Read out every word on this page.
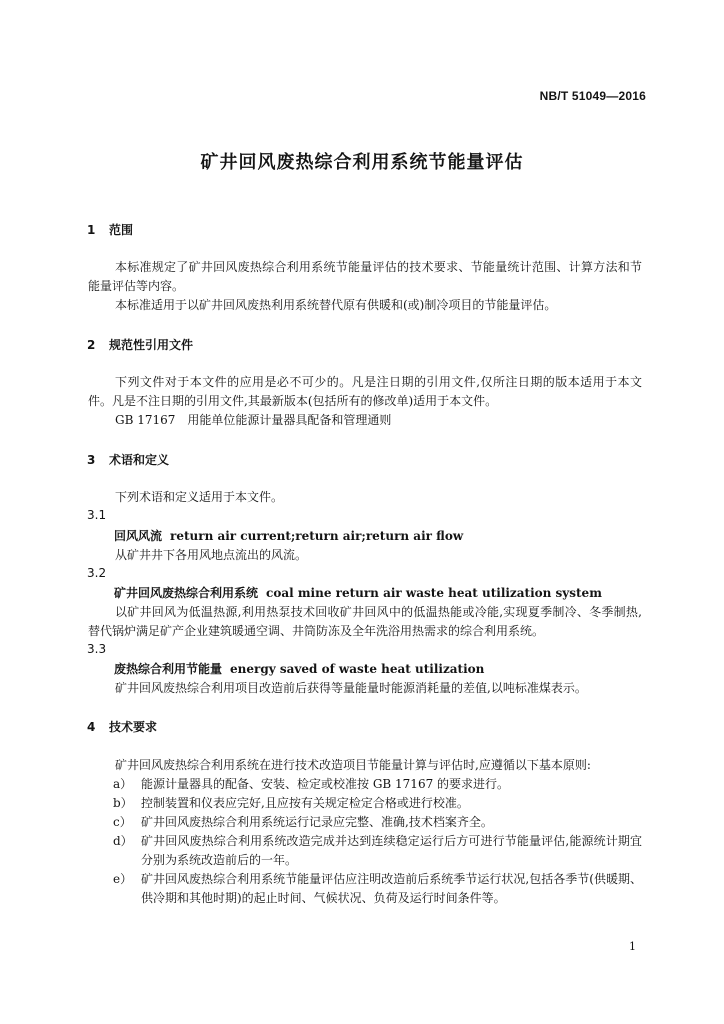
NB/T 51049—2016
矿井回风废热综合利用系统节能量评估
1 范围
本标准规定了矿井回风废热综合利用系统节能量评估的技术要求、节能量统计范围、计算方法和节能量评估等内容。
本标准适用于以矿井回风废热利用系统替代原有供暖和(或)制冷项目的节能量评估。
2 规范性引用文件
下列文件对于本文件的应用是必不可少的。凡是注日期的引用文件,仅所注日期的版本适用于本文件。凡是不注日期的引用文件,其最新版本(包括所有的修改单)适用于本文件。
GB 17167　用能单位能源计量器具配备和管理通则
3 术语和定义
下列术语和定义适用于本文件。
3.1
回风风流 return air current;return air;return air flow
从矿井井下各用风地点流出的风流。
3.2
矿井回风废热综合利用系统 coal mine return air waste heat utilization system
以矿井回风为低温热源,利用热泵技术回收矿井回风中的低温热能或冷能,实现夏季制冷、冬季制热,替代锅炉满足矿产企业建筑暖通空调、井筒防冻及全年洗浴用热需求的综合利用系统。
3.3
废热综合利用节能量 energy saved of waste heat utilization
矿井回风废热综合利用项目改造前后获得等量能量时能源消耗量的差值,以吨标准煤表示。
4 技术要求
矿井回风废热综合利用系统在进行技术改造项目节能量计算与评估时,应遵循以下基本原则:
a） 能源计量器具的配备、安装、检定或校准按 GB 17167 的要求进行。
b） 控制装置和仪表应完好,且应按有关规定检定合格或进行校准。
c） 矿井回风废热综合利用系统运行记录应完整、准确,技术档案齐全。
d） 矿井回风废热综合利用系统改造完成并达到连续稳定运行后方可进行节能量评估,能源统计期宜分别为系统改造前后的一年。
e） 矿井回风废热综合利用系统节能量评估应注明改造前后系统季节运行状况,包括各季节(供暖期、供冷期和其他时期)的起止时间、气候状况、负荷及运行时间条件等。
1
